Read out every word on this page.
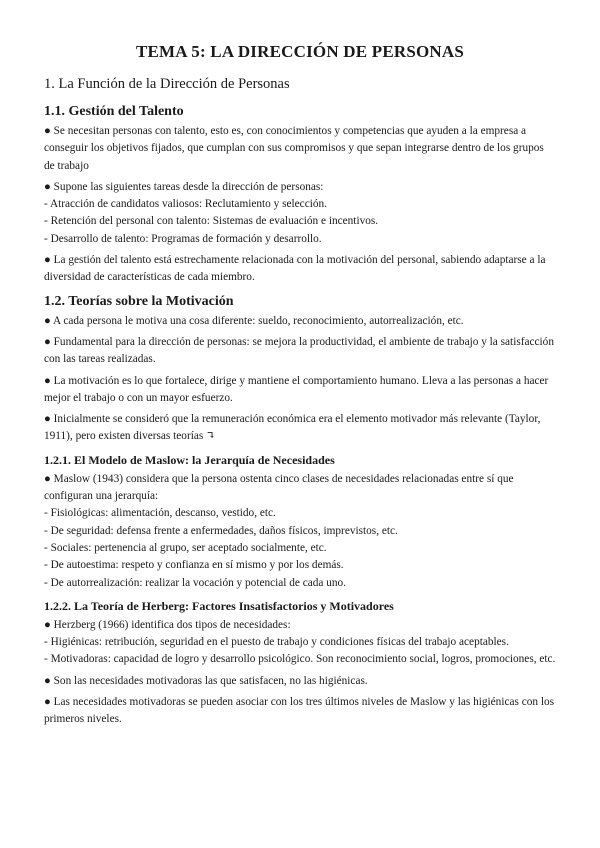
TEMA 5: LA DIRECCIÓN DE PERSONAS
1. La Función de la Dirección de Personas
1.1. Gestión del Talento
● Se necesitan personas con talento, esto es, con conocimientos y competencias que ayuden a la empresa a conseguir los objetivos fijados, que cumplan con sus compromisos y que sepan integrarse dentro de los grupos de trabajo
● Supone las siguientes tareas desde la dirección de personas:
- Atracción de candidatos valiosos: Reclutamiento y selección.
- Retención del personal con talento: Sistemas de evaluación e incentivos.
- Desarrollo de talento: Programas de formación y desarrollo.
● La gestión del talento está estrechamente relacionada con la motivación del personal, sabiendo adaptarse a la diversidad de características de cada miembro.
1.2. Teorías sobre la Motivación
● A cada persona le motiva una cosa diferente: sueldo, reconocimiento, autorrealización, etc.
● Fundamental para la dirección de personas: se mejora la productividad, el ambiente de trabajo y la satisfacción con las tareas realizadas.
● La motivación es lo que fortalece, dirige y mantiene el comportamiento humano. Lleva a las personas a hacer mejor el trabajo o con un mayor esfuerzo.
● Inicialmente se consideró que la remuneración económica era el elemento motivador más relevante (Taylor, 1911), pero existen diversas teorías ↴
1.2.1. El Modelo de Maslow: la Jerarquía de Necesidades
● Maslow (1943) considera que la persona ostenta cinco clases de necesidades relacionadas entre sí que configuran una jerarquía:
- Fisiológicas: alimentación, descanso, vestido, etc.
- De seguridad: defensa frente a enfermedades, daños físicos, imprevistos, etc.
- Sociales: pertenencia al grupo, ser aceptado socialmente, etc.
- De autoestima: respeto y confianza en sí mismo y por los demás.
- De autorrealización: realizar la vocación y potencial de cada uno.
1.2.2. La Teoría de Herberg: Factores Insatisfactorios y Motivadores
● Herzberg (1966) identifica dos tipos de necesidades:
- Higiénicas: retribución, seguridad en el puesto de trabajo y condiciones físicas del trabajo aceptables.
- Motivadoras: capacidad de logro y desarrollo psicológico. Son reconocimiento social, logros, promociones, etc.
● Son las necesidades motivadoras las que satisfacen, no las higiénicas.
● Las necesidades motivadoras se pueden asociar con los tres últimos niveles de Maslow y las higiénicas con los primeros niveles.
